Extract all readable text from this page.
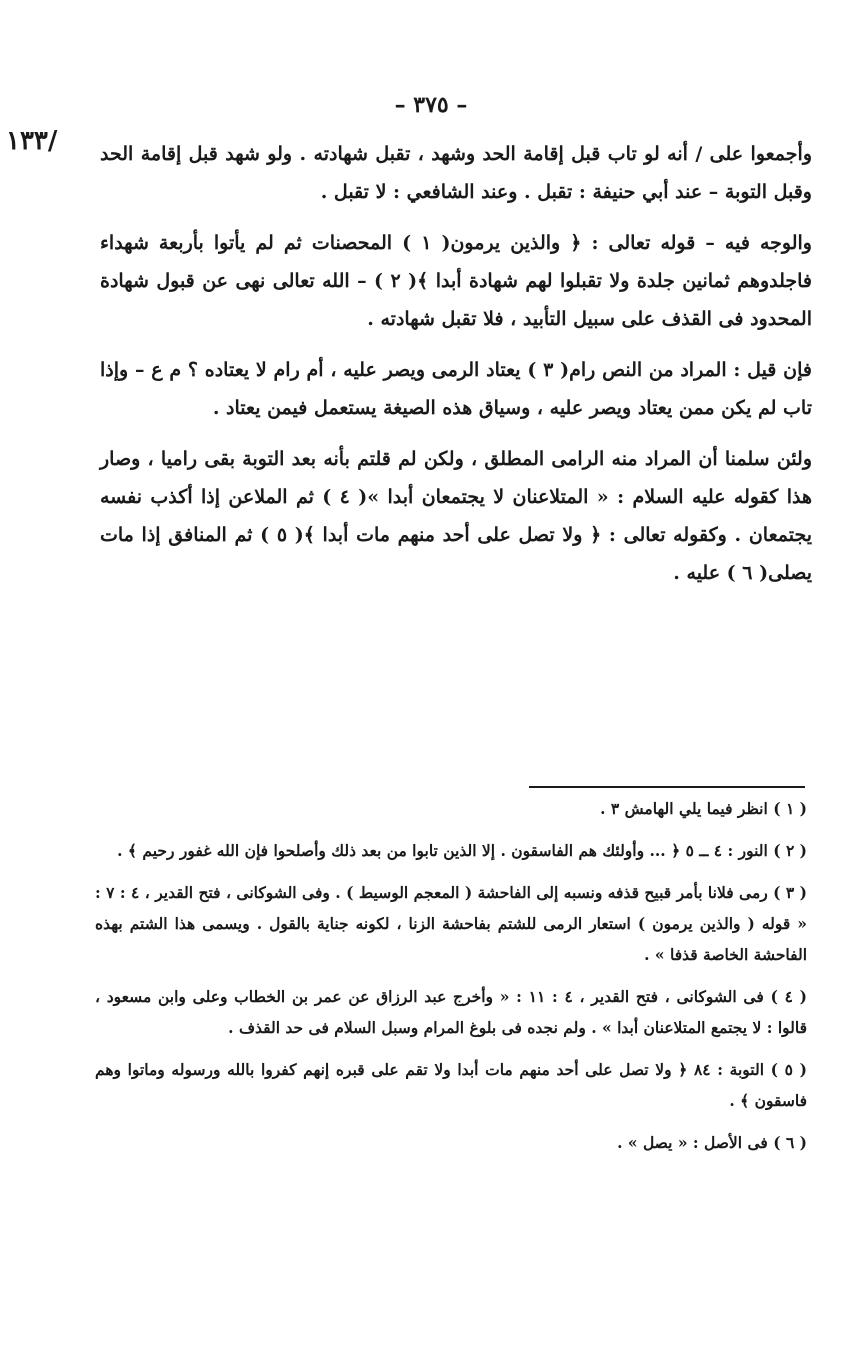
– ٣٧٥ –
١٣٣/ وأجمعوا على / أنه لو تاب قبل إقامة الحد وشهد ، تقبل شهادته . ولو شهد قبل إقامة الحد وقبل التوبة – عند أبي حنيفة : تقبل . وعند الشافعي : لا تقبل .

والوجه فيه – قوله تعالى : ﴿ والذين يرمون( ١ ) المحصنات ثم لم يأتوا بأربعة شهداء فاجلدوهم ثمانين جلدة ولا تقبلوا لهم شهادة أبدا ﴾( ٢ ) – الله تعالى نهى عن قبول شهادة المحدود فى القذف على سبيل التأبيد ، فلا تقبل شهادته .

فإن قيل : المراد من النص رام( ٣ ) يعتاد الرمى ويصر عليه ، أم رام لا يعتاده ؟ م ع – وإذا تاب لم يكن ممن يعتاد ويصر عليه ، وسياق هذه الصيغة يستعمل فيمن يعتاد .

ولئن سلمنا أن المراد منه الرامى المطلق ، ولكن لم قلتم بأنه بعد التوبة بقى راميا ، وصار هذا كقوله عليه السلام : « المتلاعنان لا يجتمعان أبدا »( ٤ ) ثم الملاعن إذا أكذب نفسه يجتمعان . وكقوله تعالى : ﴿ ولا تصل على أحد منهم مات أبدا ﴾( ٥ ) ثم المنافق إذا مات يصلى( ٦ ) عليه .

( ١ ) انظر فيما يلي الهامش ٣ .

( ٢ ) النور : ٤ ــ ٥ ﴿ ... وأولئك هم الفاسقون . إلا الذين تابوا من بعد ذلك وأصلحوا فإن الله غفور رحيم ﴾ .

( ٣ ) رمى فلانا بأمر قبيح قذفه ونسبه إلى الفاحشة ( المعجم الوسيط ) . وفى الشوكانى ، فتح القدير ، ٤ : ٧ : « قوله ( والذين يرمون ) استعار الرمى للشتم بفاحشة الزنا ، لكونه جناية بالقول . ويسمى هذا الشتم بهذه الفاحشة الخاصة قذفا » .

( ٤ ) فى الشوكانى ، فتح القدير ، ٤ : ١١ : « وأخرج عبد الرزاق عن عمر بن الخطاب وعلى وابن مسعود ، قالوا : لا يجتمع المتلاعنان أبدا » . ولم نجده فى بلوغ المرام وسبل السلام فى حد القذف .

( ٥ ) التوبة : ٨٤ ﴿ ولا تصل على أحد منهم مات أبدا ولا تقم على قبره إنهم كفروا بالله ورسوله وماتوا وهم فاسقون ﴾ .

( ٦ ) فى الأصل : « يصل » .
